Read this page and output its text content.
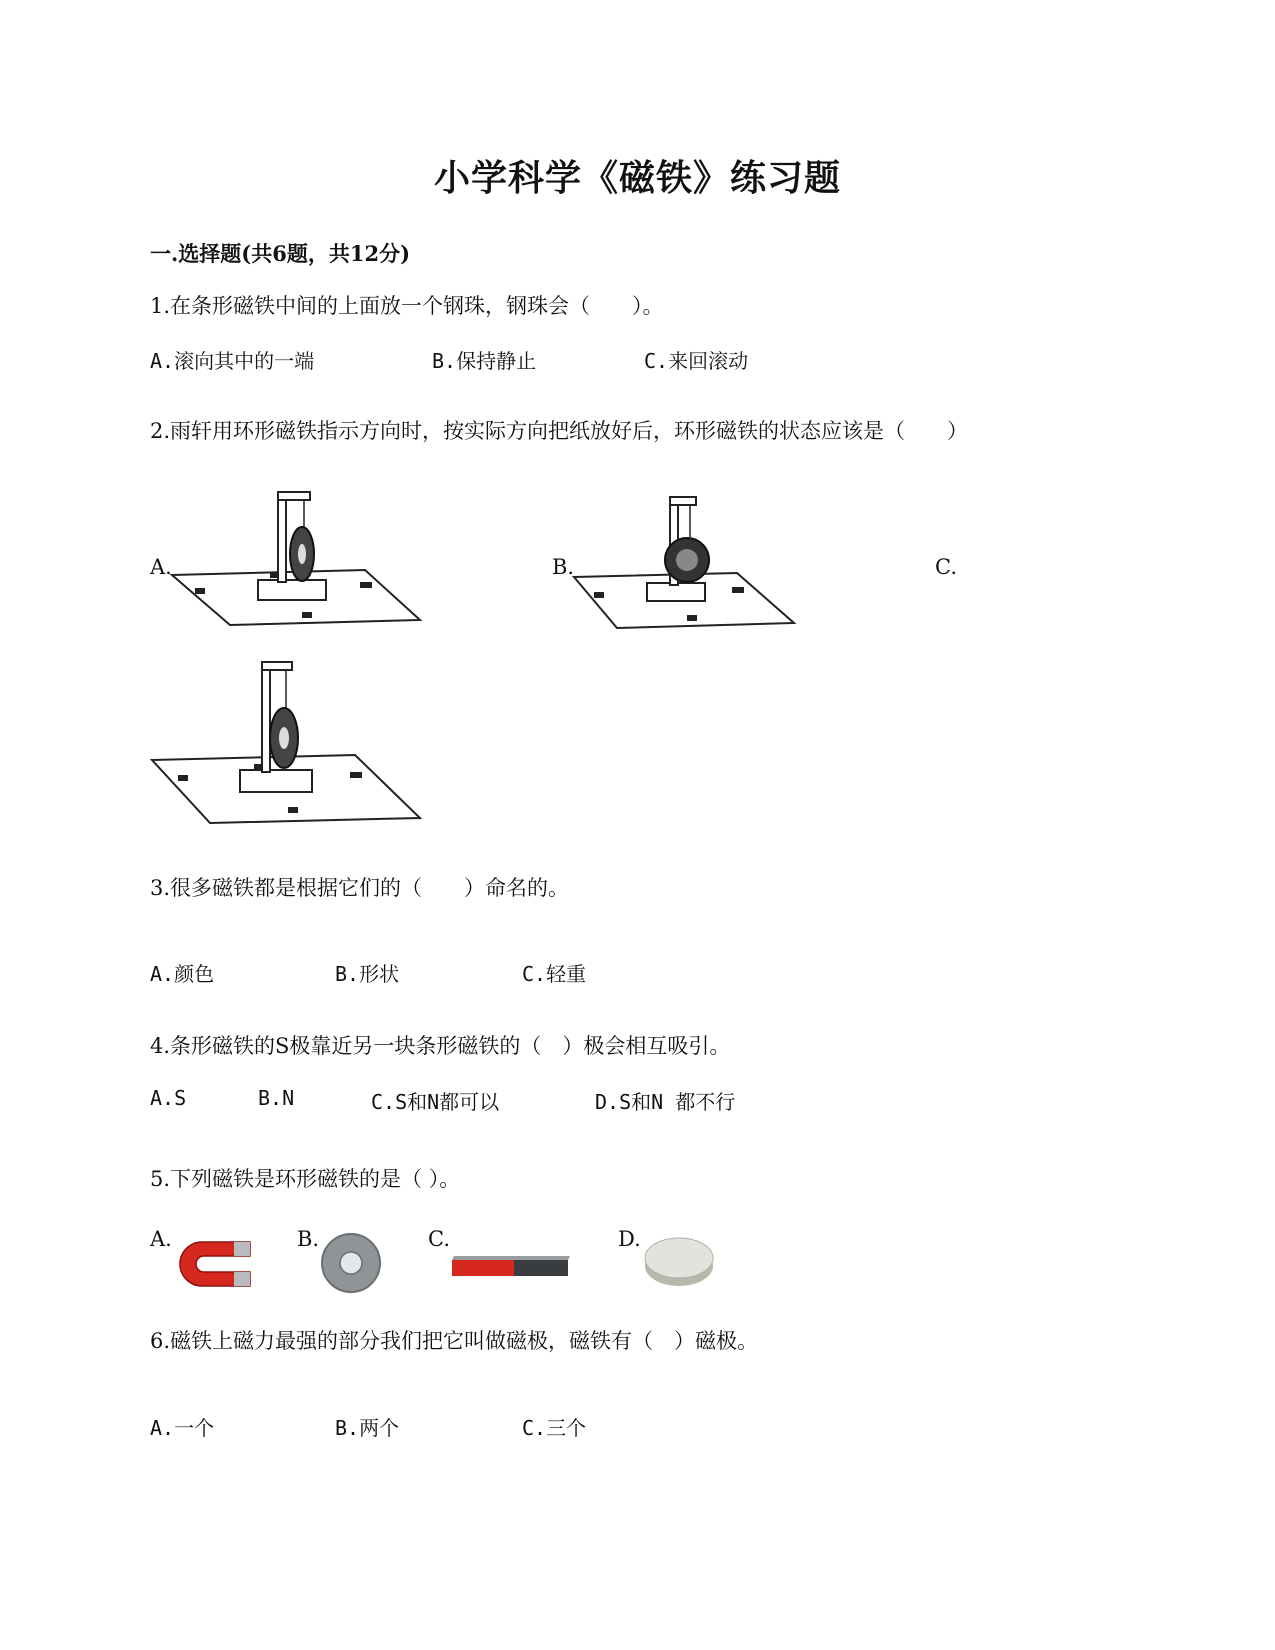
小学科学《磁铁》练习题
一.选择题(共6题，共12分)
1.在条形磁铁中间的上面放一个钢珠，钢珠会（　　）。
A.滚向其中的一端	B.保持静止	C.来回滚动
2.雨轩用环形磁铁指示方向时，按实际方向把纸放好后，环形磁铁的状态应该是（　　）
A.	B.	C.
3.很多磁铁都是根据它们的（　　）命名的。
A.颜色	B.形状	C.轻重
4.条形磁铁的S极靠近另一块条形磁铁的（　）极会相互吸引。
A.S	B.N	C.S和N都可以	D.S和N 都不行
5.下列磁铁是环形磁铁的是（ ）。
A.	B.	C.	D.
6.磁铁上磁力最强的部分我们把它叫做磁极，磁铁有（　）磁极。
A.一个	B.两个	C.三个
